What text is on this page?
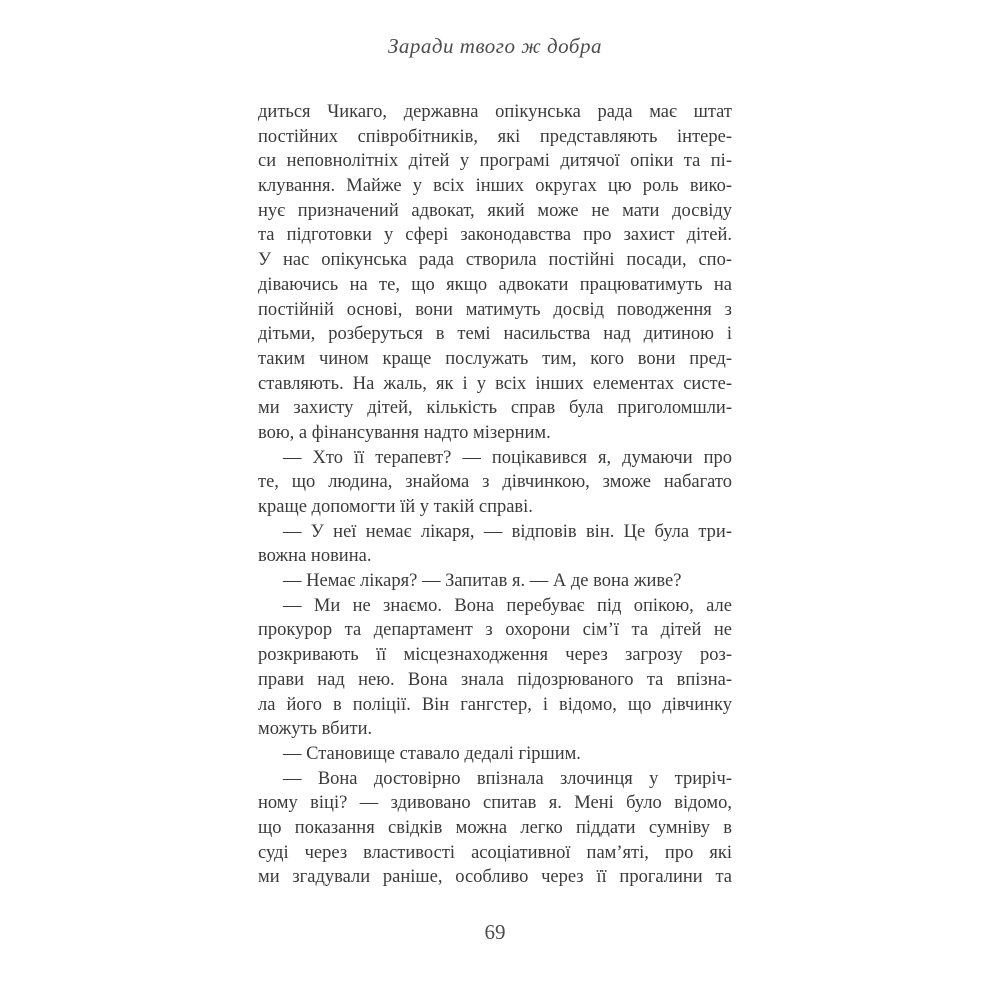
Заради твого ж добра
диться Чикаго, державна опікунська рада має штат
постійних співробітників, які представляють інтере-
си неповнолітніх дітей у програмі дитячої опіки та пі-
клування. Майже у всіх інших округах цю роль вико-
нує призначений адвокат, який може не мати досвіду
та підготовки у сфері законодавства про захист дітей.
У нас опікунська рада створила постійні посади, спо-
діваючись на те, що якщо адвокати працюватимуть на
постійній основі, вони матимуть досвід поводження з
дітьми, розберуться в темі насильства над дитиною і
таким чином краще послужать тим, кого вони пред-
ставляють. На жаль, як і у всіх інших елементах систе-
ми захисту дітей, кількість справ була приголомшли-
вою, а фінансування надто мізерним.
— Хто її терапевт? — поцікавився я, думаючи про
те, що людина, знайома з дівчинкою, зможе набагато
краще допомогти їй у такій справі.
— У неї немає лікаря, — відповів він. Це була три-
вожна новина.
— Немає лікаря? — Запитав я. — А де вона живе?
— Ми не знаємо. Вона перебуває під опікою, але
прокурор та департамент з охорони сім’ї та дітей не
розкривають її місцезнаходження через загрозу роз-
прави над нею. Вона знала підозрюваного та впізна-
ла його в поліції. Він гангстер, і відомо, що дівчинку
можуть вбити.
— Становище ставало дедалі гіршим.
— Вона достовірно впізнала злочинця у триріч-
ному віці? — здивовано спитав я. Мені було відомо,
що показання свідків можна легко піддати сумніву в
суді через властивості асоціативної пам’яті, про які
ми згадували раніше, особливо через її прогалини та
69
